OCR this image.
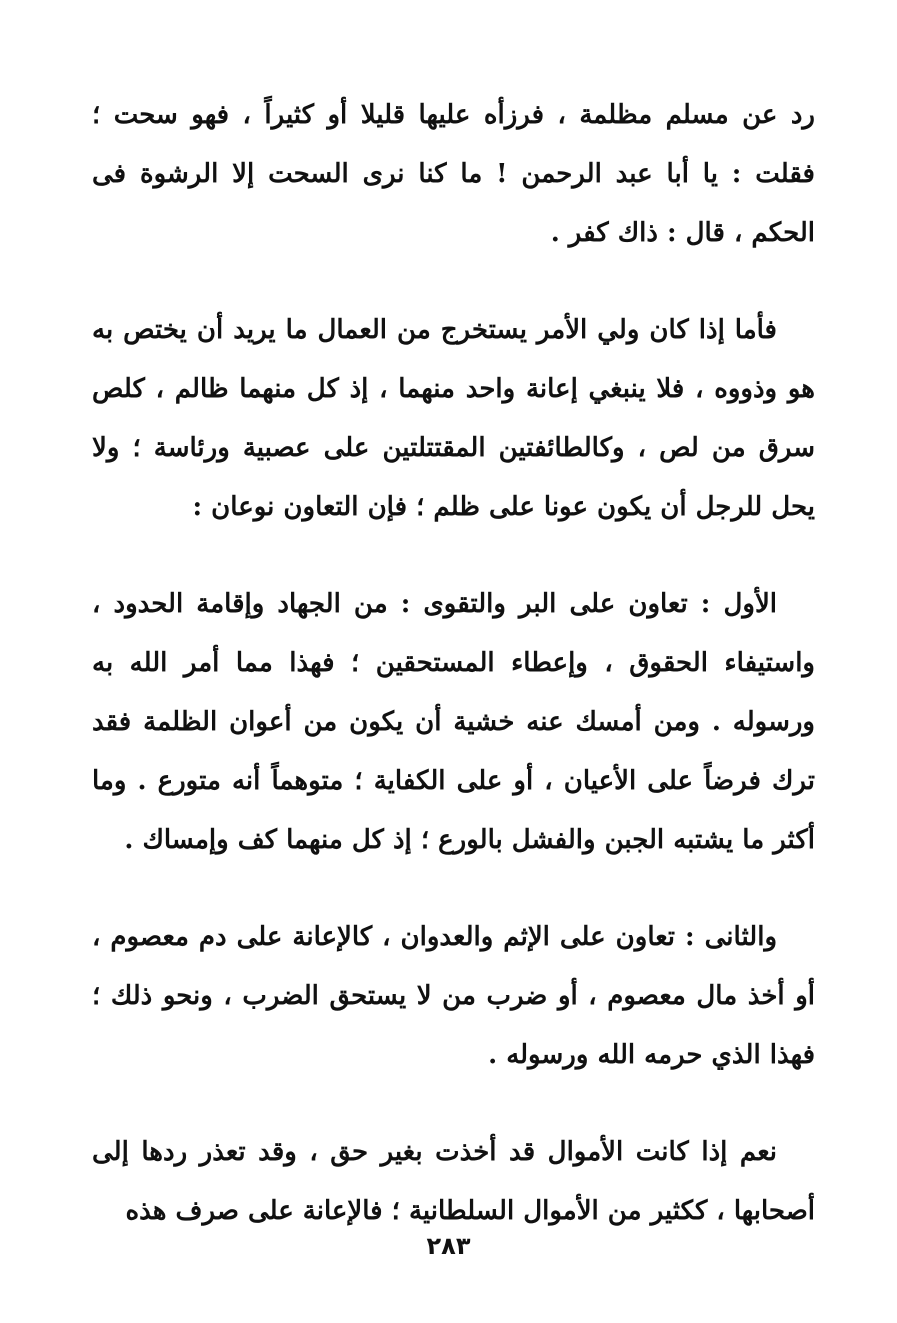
رد عن مسلم مظلمة ، فرزأه عليها قليلا أو كثيراً ، فهو سحت ؛ فقلت : يا أبا عبد الرحمن ! ما كنا نرى السحت إلا الرشوة فى الحكم ، قال : ذاك كفر .

فأما إذا كان ولي الأمر يستخرج من العمال ما يريد أن يختص به هو وذووه ، فلا ينبغي إعانة واحد منهما ، إذ كل منهما ظالم ، كلص سرق من لص ، وكالطائفتين المقتتلتين على عصبية ورئاسة ؛ ولا يحل للرجل أن يكون عونا على ظلم ؛ فإن التعاون نوعان :

الأول : تعاون على البر والتقوى : من الجهاد وإقامة الحدود ، واستيفاء الحقوق ، وإعطاء المستحقين ؛ فهذا مما أمر الله به ورسوله . ومن أمسك عنه خشية أن يكون من أعوان الظلمة فقد ترك فرضاً على الأعيان ، أو على الكفاية ؛ متوهماً أنه متورع . وما أكثر ما يشتبه الجبن والفشل بالورع ؛ إذ كل منهما كف وإمساك .

والثانى : تعاون على الإثم والعدوان ، كالإعانة على دم معصوم ، أو أخذ مال معصوم ، أو ضرب من لا يستحق الضرب ، ونحو ذلك ؛ فهذا الذي حرمه الله ورسوله .

نعم إذا كانت الأموال قد أخذت بغير حق ، وقد تعذر ردها إلى أصحابها ، ككثير من الأموال السلطانية ؛ فالإعانة على صرف هذه

٢٨٣
